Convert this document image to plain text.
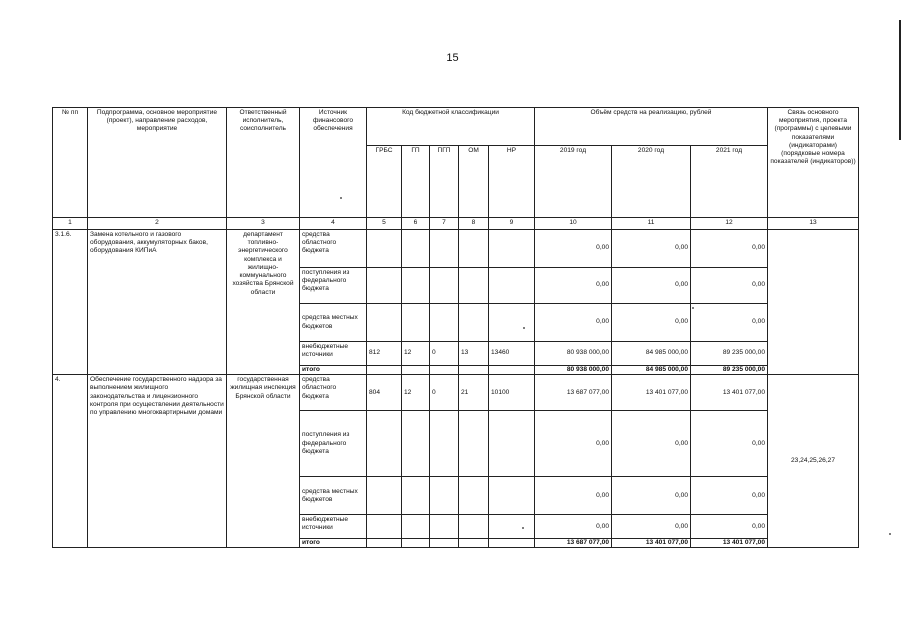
15
№ пп	Подпрограмма, основное мероприятие (проект), направление расходов, мероприятие	Ответственный исполнитель, соисполнитель	Источник финансового обеспечения	Код бюджетной классификации					Объём средств на реализацию, рублей			Связь основного мероприятия, проекта (программы) с целевыми показателями (индикаторами) (порядковые номера показателей (индикаторов))
				ГРБС	ГП	ПГП	ОМ	НР	2019 год	2020 год	2021 год	
1	2	3	4	5	6	7	8	9	10	11	12	13
3.1.6.	Замена котельного и газового оборудования, аккумуляторных баков, оборудования КИПиА	департамент топливно-энергетического комплекса и жилищно-коммунального хозяйства Брянской области	средства областного бюджета						0,00	0,00	0,00	
			поступления из федерального бюджета						0,00	0,00	0,00	
			средства местных бюджетов						0,00	0,00	0,00	
			внебюджетные источники	812	12	0	13	13460	80 938 000,00	84 985 000,00	89 235 000,00	
			итого						80 938 000,00	84 985 000,00	89 235 000,00	
4.	Обеспечение государственного надзора за выполнением жилищного законодательства и лицензионного контроля при осуществлении деятельности по управлению многоквартирными домами	государственная жилищная инспекция Брянской области	средства областного бюджета	804	12	0	21	10100	13 687 077,00	13 401 077,00	13 401 077,00	23,24,25,26,27
			поступления из федерального бюджета						0,00	0,00	0,00	
			средства местных бюджетов						0,00	0,00	0,00	
			внебюджетные источники						0,00	0,00	0,00	
			итого						13 687 077,00	13 401 077,00	13 401 077,00	
